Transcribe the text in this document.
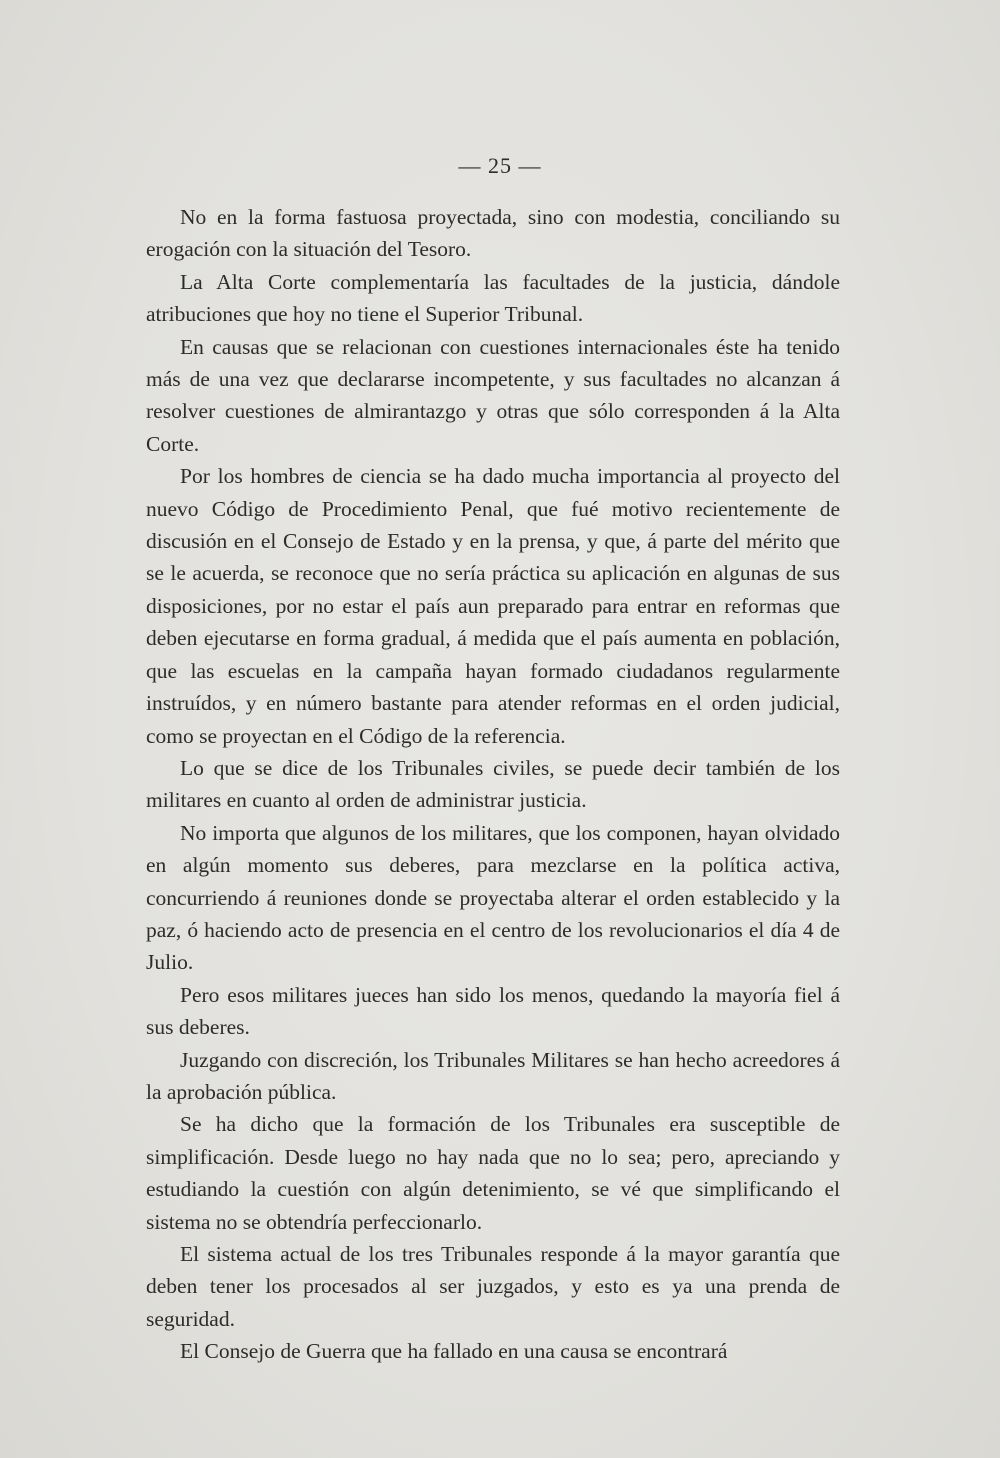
— 25 —

No en la forma fastuosa proyectada, sino con modestia, conciliando su erogación con la situación del Tesoro.

La Alta Corte complementaría las facultades de la justicia, dándole atribuciones que hoy no tiene el Superior Tribunal.

En causas que se relacionan con cuestiones internacionales éste ha tenido más de una vez que declararse incompetente, y sus facultades no alcanzan á resolver cuestiones de almirantazgo y otras que sólo corresponden á la Alta Corte.

Por los hombres de ciencia se ha dado mucha importancia al proyecto del nuevo Código de Procedimiento Penal, que fué motivo recientemente de discusión en el Consejo de Estado y en la prensa, y que, á parte del mérito que se le acuerda, se reconoce que no sería práctica su aplicación en algunas de sus disposiciones, por no estar el país aun preparado para entrar en reformas que deben ejecutarse en forma gradual, á medida que el país aumenta en población, que las escuelas en la campaña hayan formado ciudadanos regularmente instruídos, y en número bastante para atender reformas en el orden judicial, como se proyectan en el Código de la referencia.

Lo que se dice de los Tribunales civiles, se puede decir también de los militares en cuanto al orden de administrar justicia.

No importa que algunos de los militares, que los componen, hayan olvidado en algún momento sus deberes, para mezclarse en la política activa, concurriendo á reuniones donde se proyectaba alterar el orden establecido y la paz, ó haciendo acto de presencia en el centro de los revolucionarios el día 4 de Julio.

Pero esos militares jueces han sido los menos, quedando la mayoría fiel á sus deberes.

Juzgando con discreción, los Tribunales Militares se han hecho acreedores á la aprobación pública.

Se ha dicho que la formación de los Tribunales era susceptible de simplificación. Desde luego no hay nada que no lo sea; pero, apreciando y estudiando la cuestión con algún detenimiento, se vé que simplificando el sistema no se obtendría perfeccionarlo.

El sistema actual de los tres Tribunales responde á la mayor garantía que deben tener los procesados al ser juzgados, y esto es ya una prenda de seguridad.

El Consejo de Guerra que ha fallado en una causa se encontrará
